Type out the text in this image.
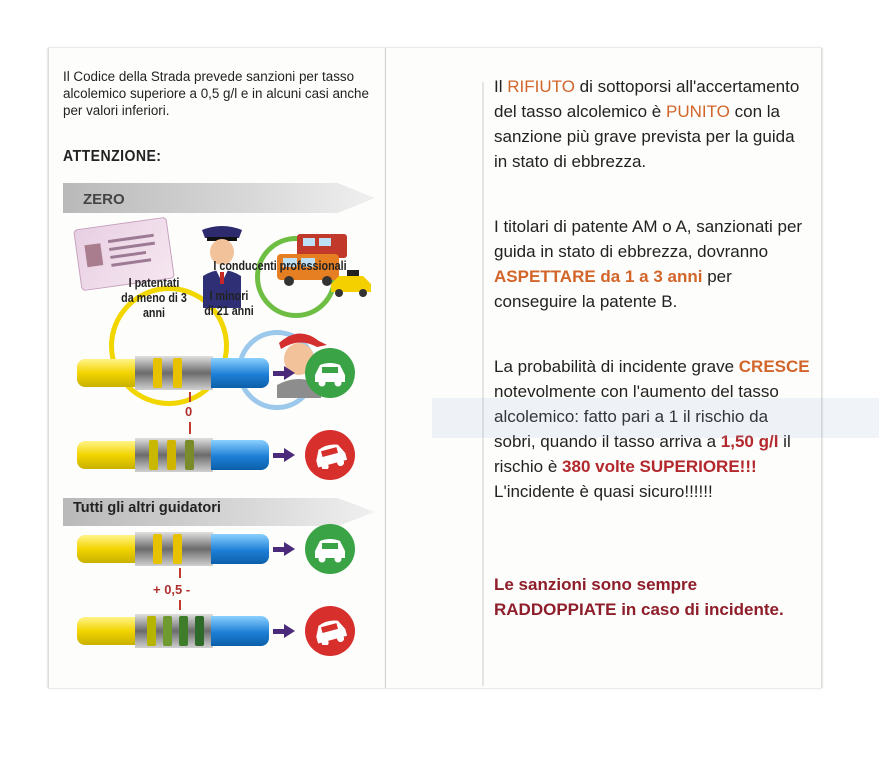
Il Codice della Strada prevede sanzioni per tasso alcolemico superiore a 0,5 g/l e in alcuni casi anche per valori inferiori.
ATTENZIONE:
ZERO
I patentati
da meno di 3 anni
I conducenti professionali
I minori
di 21 anni
0
Tutti gli altri guidatori
+ 0,5 -
Il RIFIUTO di sottoporsi all'accertamento del tasso alcolemico è PUNITO con la sanzione più grave prevista per la guida in stato di ebbrezza.
I titolari di patente AM o A, sanzionati per guida in stato di ebbrezza, dovranno ASPETTARE da 1 a 3 anni per conseguire la patente B.
La probabilità di incidente grave CRESCE notevolmente con l'aumento del tasso alcolemico: fatto pari a 1 il rischio da sobri, quando il tasso arriva a 1,50 g/l il rischio è 380 volte SUPERIORE!!! L'incidente è quasi sicuro!!!!!!
Le sanzioni sono sempre RADDOPPIATE in caso di incidente.
